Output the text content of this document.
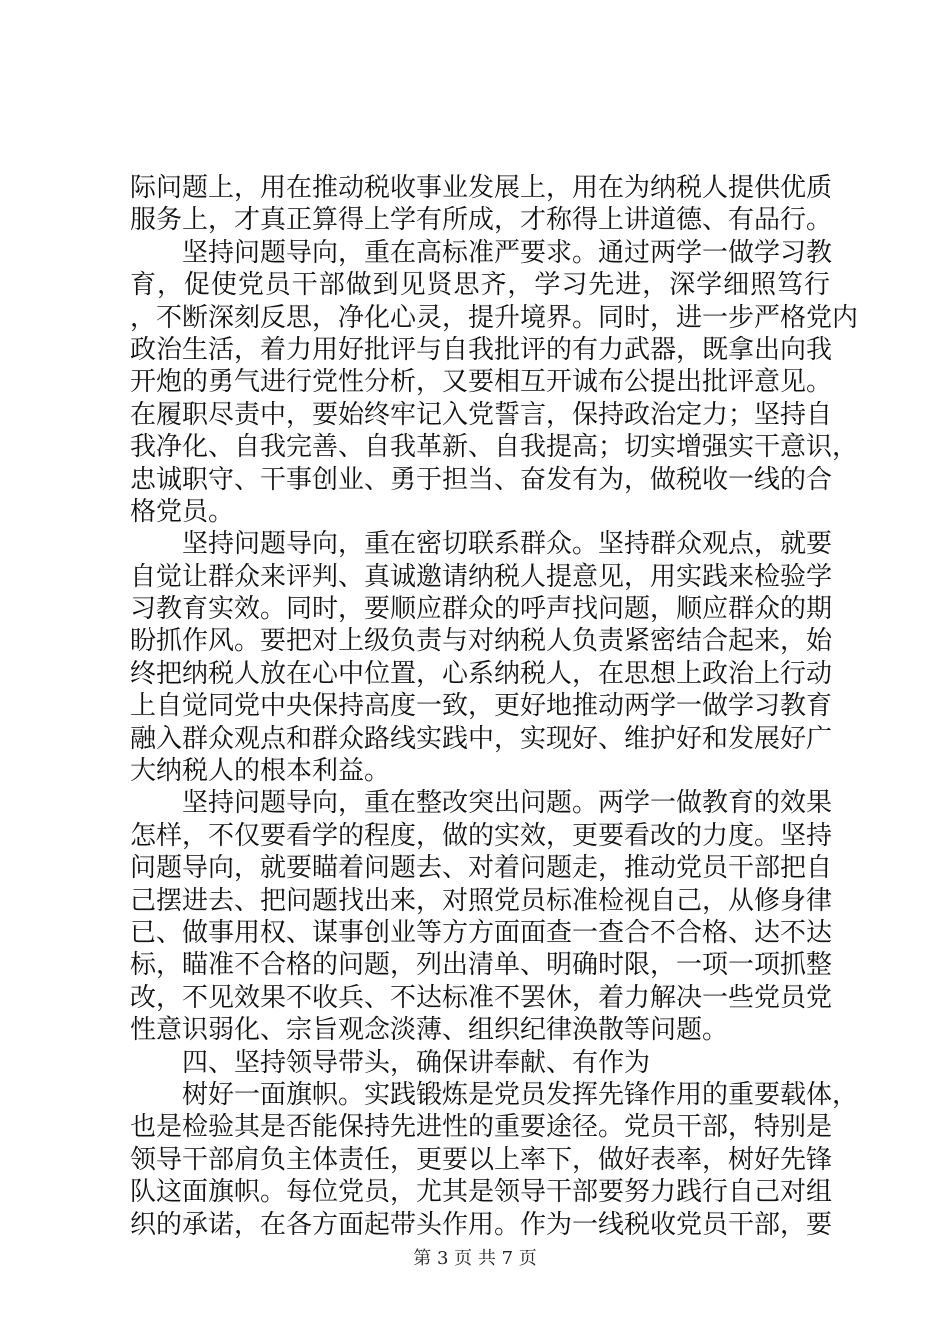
际问题上，用在推动税收事业发展上，用在为纳税人提供优质
服务上，才真正算得上学有所成，才称得上讲道德、有品行。
坚持问题导向，重在高标准严要求。通过两学一做学习教
育，促使党员干部做到见贤思齐，学习先进，深学细照笃行
，不断深刻反思，净化心灵，提升境界。同时，进一步严格党内
政治生活，着力用好批评与自我批评的有力武器，既拿出向我
开炮的勇气进行党性分析，又要相互开诚布公提出批评意见。
在履职尽责中，要始终牢记入党誓言，保持政治定力；坚持自
我净化、自我完善、自我革新、自我提高；切实增强实干意识，
忠诚职守、干事创业、勇于担当、奋发有为，做税收一线的合
格党员。
坚持问题导向，重在密切联系群众。坚持群众观点，就要
自觉让群众来评判、真诚邀请纳税人提意见，用实践来检验学
习教育实效。同时，要顺应群众的呼声找问题，顺应群众的期
盼抓作风。要把对上级负责与对纳税人负责紧密结合起来，始
终把纳税人放在心中位置，心系纳税人，在思想上政治上行动
上自觉同党中央保持高度一致，更好地推动两学一做学习教育
融入群众观点和群众路线实践中，实现好、维护好和发展好广
大纳税人的根本利益。
坚持问题导向，重在整改突出问题。两学一做教育的效果
怎样，不仅要看学的程度，做的实效，更要看改的力度。坚持
问题导向，就要瞄着问题去、对着问题走，推动党员干部把自
己摆进去、把问题找出来，对照党员标准检视自己，从修身律
已、做事用权、谋事创业等方方面面查一查合不合格、达不达
标，瞄准不合格的问题，列出清单、明确时限，一项一项抓整
改，不见效果不收兵、不达标准不罢休，着力解决一些党员党
性意识弱化、宗旨观念淡薄、组织纪律涣散等问题。
四、坚持领导带头，确保讲奉献、有作为
树好一面旗帜。实践锻炼是党员发挥先锋作用的重要载体，
也是检验其是否能保持先进性的重要途径。党员干部，特别是
领导干部肩负主体责任，更要以上率下，做好表率，树好先锋
队这面旗帜。每位党员，尤其是领导干部要努力践行自己对组
织的承诺，在各方面起带头作用。作为一线税收党员干部，要
第 3 页 共 7 页
